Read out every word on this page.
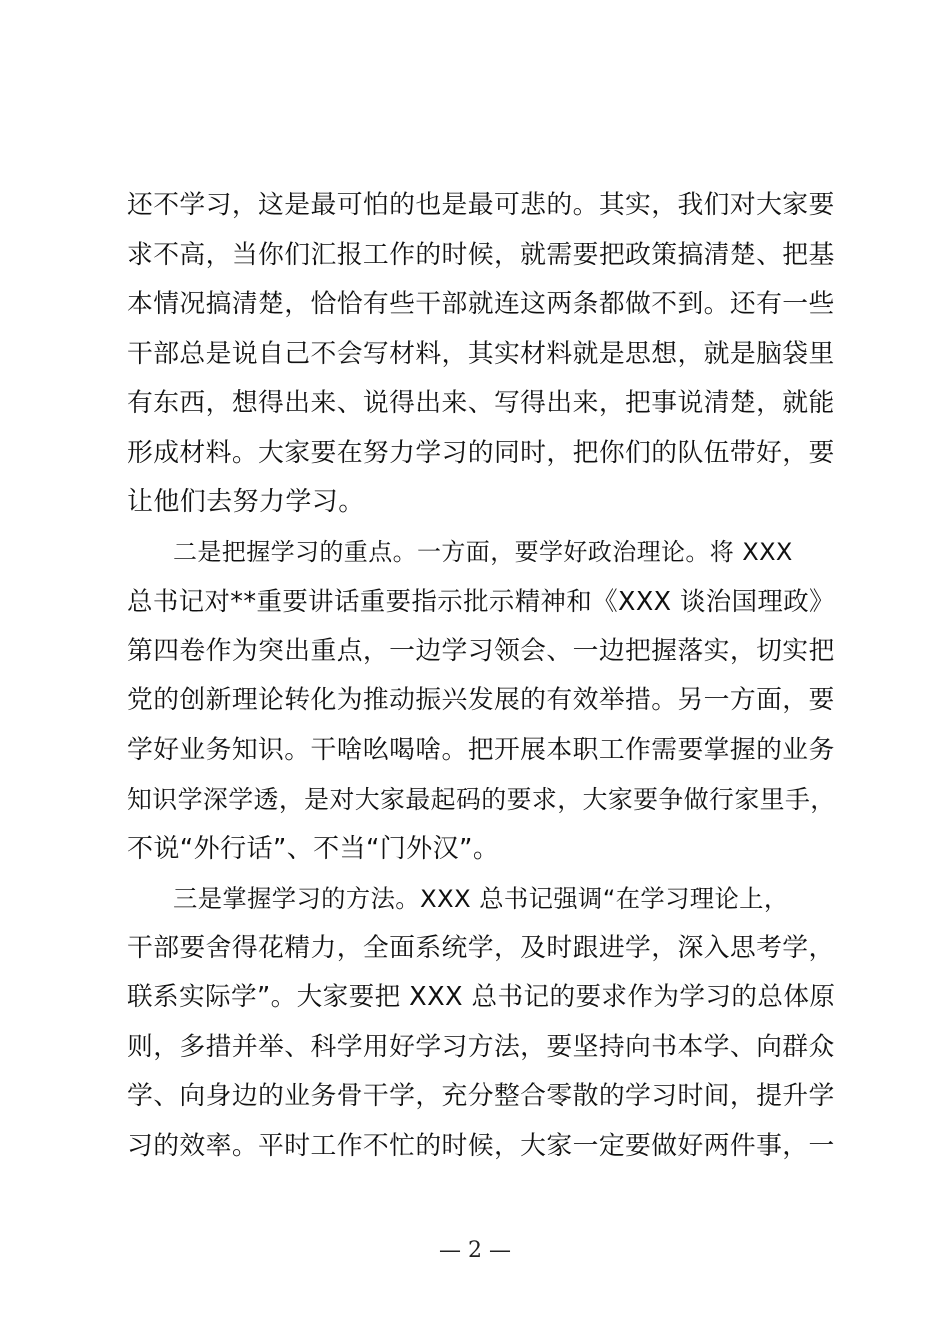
还不学习，这是最可怕的也是最可悲的。其实，我们对大家要
求不高，当你们汇报工作的时候，就需要把政策搞清楚、把基
本情况搞清楚，恰恰有些干部就连这两条都做不到。还有一些
干部总是说自己不会写材料，其实材料就是思想，就是脑袋里
有东西，想得出来、说得出来、写得出来，把事说清楚，就能
形成材料。大家要在努力学习的同时，把你们的队伍带好，要
让他们去努力学习。
二是把握学习的重点。一方面，要学好政治理论。将 XXX
总书记对**重要讲话重要指示批示精神和《XXX 谈治国理政》
第四卷作为突出重点，一边学习领会、一边把握落实，切实把
党的创新理论转化为推动振兴发展的有效举措。另一方面，要
学好业务知识。干啥吆喝啥。把开展本职工作需要掌握的业务
知识学深学透，是对大家最起码的要求，大家要争做行家里手，
不说“外行话”、不当“门外汉”。
三是掌握学习的方法。XXX 总书记强调“在学习理论上，
干部要舍得花精力，全面系统学，及时跟进学，深入思考学，
联系实际学”。大家要把 XXX 总书记的要求作为学习的总体原
则，多措并举、科学用好学习方法，要坚持向书本学、向群众
学、向身边的业务骨干学，充分整合零散的学习时间，提升学
习的效率。平时工作不忙的时候，大家一定要做好两件事，一
— 2 —
